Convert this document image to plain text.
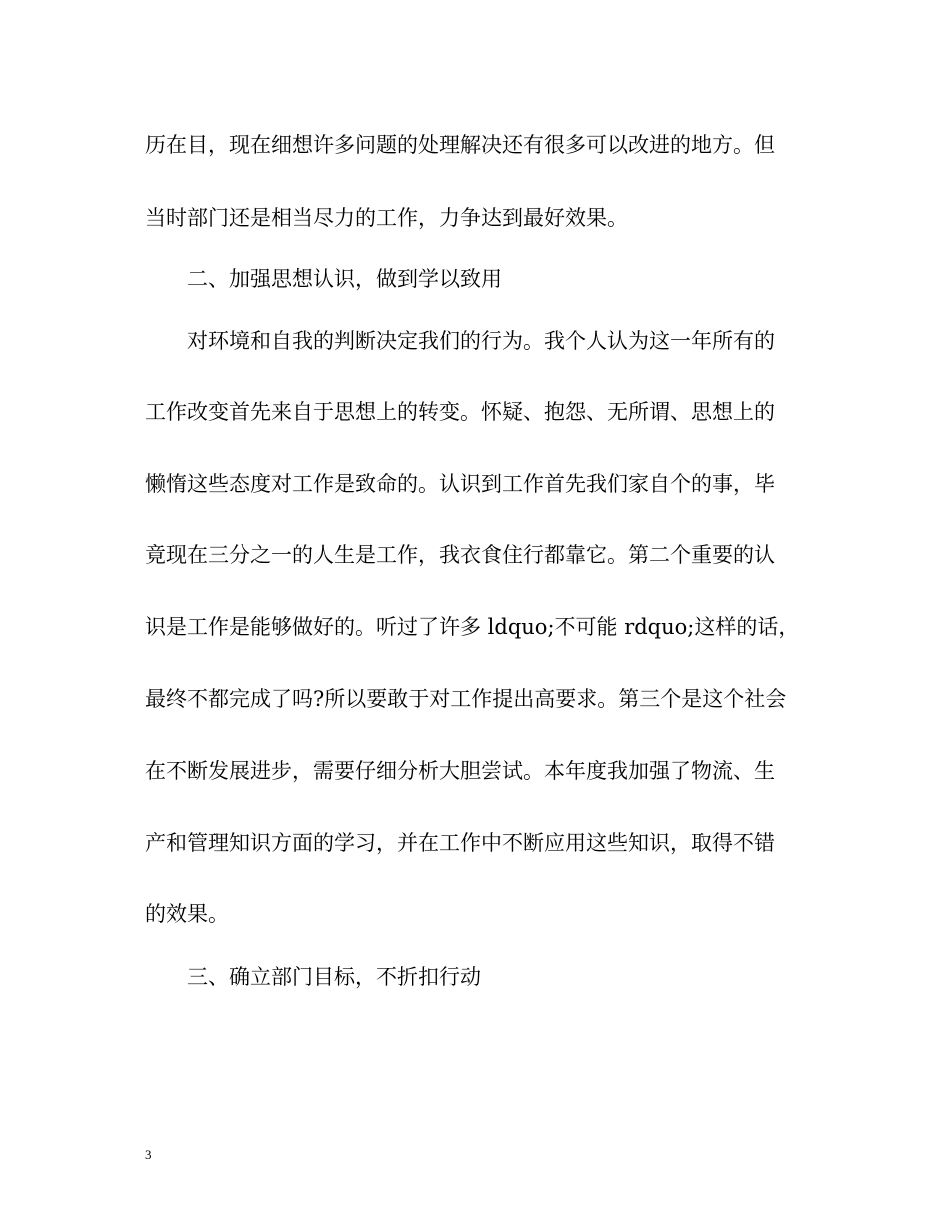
历在目，现在细想许多问题的处理解决还有很多可以改进的地方。但
当时部门还是相当尽力的工作，力争达到最好效果。
二、加强思想认识，做到学以致用
对环境和自我的判断决定我们的行为。我个人认为这一年所有的
工作改变首先来自于思想上的转变。怀疑、抱怨、无所谓、思想上的
懒惰这些态度对工作是致命的。认识到工作首先我们家自个的事，毕
竟现在三分之一的人生是工作，我衣食住行都靠它。第二个重要的认
识是工作是能够做好的。听过了许多 ldquo;不可能 rdquo;这样的话，
最终不都完成了吗?所以要敢于对工作提出高要求。第三个是这个社会
在不断发展进步，需要仔细分析大胆尝试。本年度我加强了物流、生
产和管理知识方面的学习，并在工作中不断应用这些知识，取得不错
的效果。
三、确立部门目标，不折扣行动
3
